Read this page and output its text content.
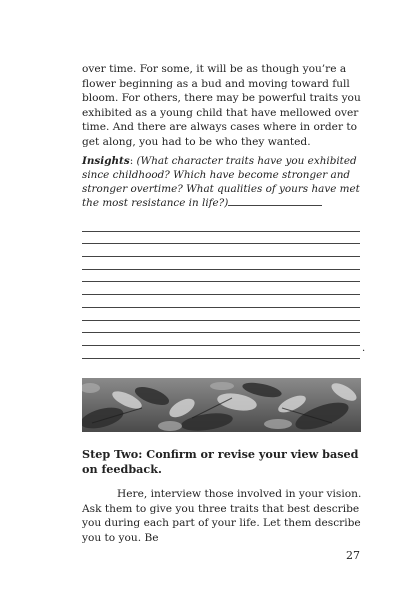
over time. For some, it will be as though you’re a flower beginning as a bud and moving toward full bloom. For others, there may be powerful traits you exhibited as a young child that have mellowed over time. And there are always cases where in order to get along, you had to be who they wanted.

Insights: (What character traits have you exhibited since childhood? Which have become stronger and stronger overtime? What qualities of yours have met the most resistance in life?)

.

Step Two: Confirm or revise your view based on feedback.

Here, interview those involved in your vision. Ask them to give you three traits that best describe you during each part of your life. Let them describe you to you. Be

27
